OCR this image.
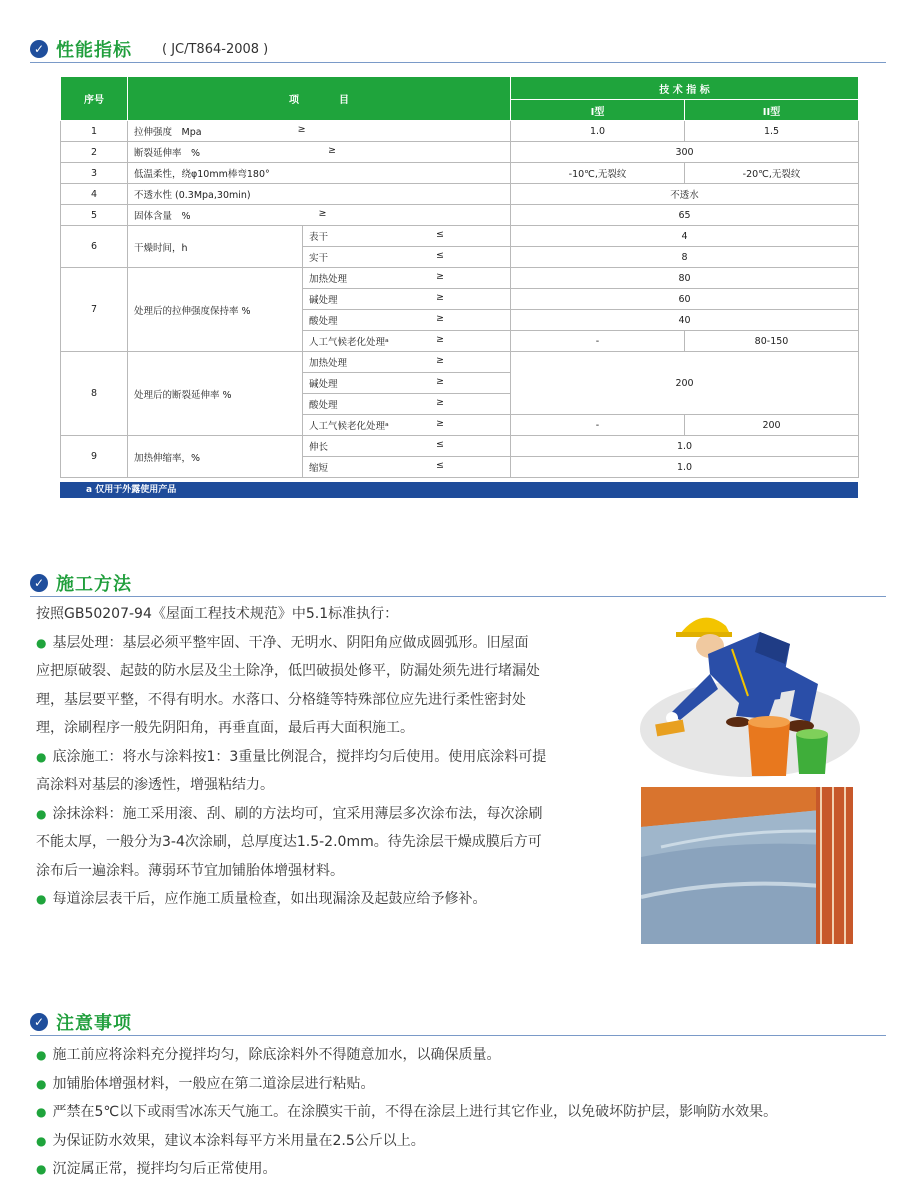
✓ 性能指标 ( JC/T864-2008 )
序号	项　　　　目		技 术 指 标	
			I型	II型
1	拉伸强度　Mpa ≥		1.0	1.5
2	断裂延伸率　% ≥		300	
3	低温柔性，绕φ10mm棒弯180°		-10℃,无裂纹	-20℃,无裂纹
4	不透水性 (0.3Mpa,30min)		不透水	
5	固体含量　% ≥		65	
6	干燥时间，h	表干 ≤	4	
		实干 ≤	8	
7	处理后的拉伸强度保持率 %	加热处理 ≥	80	
		碱处理 ≥	60	
		酸处理 ≥	40	
		人工气候老化处理ᵃ ≥	-	80-150
8	处理后的断裂延伸率 %	加热处理 ≥	200	
		碱处理 ≥		

		酸处理 ≥		

		人工气候老化处理ᵃ ≥	-	200
9	加热伸缩率，%	伸长 ≤	1.0	
		缩短 ≤	1.0	
a 仅用于外露使用产品
✓ 施工方法

按照GB50207-94《屋面工程技术规范》中5.1标准执行：

● 基层处理：基层必须平整牢固、干净、无明水、阴阳角应做成圆弧形。旧屋面

应把原破裂、起鼓的防水层及尘土除净，低凹破损处修平，防漏处须先进行堵漏处

理，基层要平整，不得有明水。水落口、分格缝等特殊部位应先进行柔性密封处

理，涂刷程序一般先阴阳角，再垂直面，最后再大面积施工。

● 底涂施工：将水与涂料按1：3重量比例混合，搅拌均匀后使用。使用底涂料可提

高涂料对基层的渗透性，增强粘结力。

● 涂抹涂料：施工采用滚、刮、刷的方法均可，宜采用薄层多次涂布法，每次涂刷

不能太厚，一般分为3-4次涂刷，总厚度达1.5-2.0mm。待先涂层干燥成膜后方可

涂布后一遍涂料。薄弱环节宜加铺胎体增强材料。

● 每道涂层表干后，应作施工质量检查，如出现漏涂及起鼓应给予修补。

✓ 注意事项

● 施工前应将涂料充分搅拌均匀，除底涂料外不得随意加水，以确保质量。

● 加铺胎体增强材料，一般应在第二道涂层进行粘贴。

● 严禁在5℃以下或雨雪冰冻天气施工。在涂膜实干前，不得在涂层上进行其它作业，以免破坏防护层，影响防水效果。

● 为保证防水效果，建议本涂料每平方米用量在2.5公斤以上。

● 沉淀属正常，搅拌均匀后正常使用。
